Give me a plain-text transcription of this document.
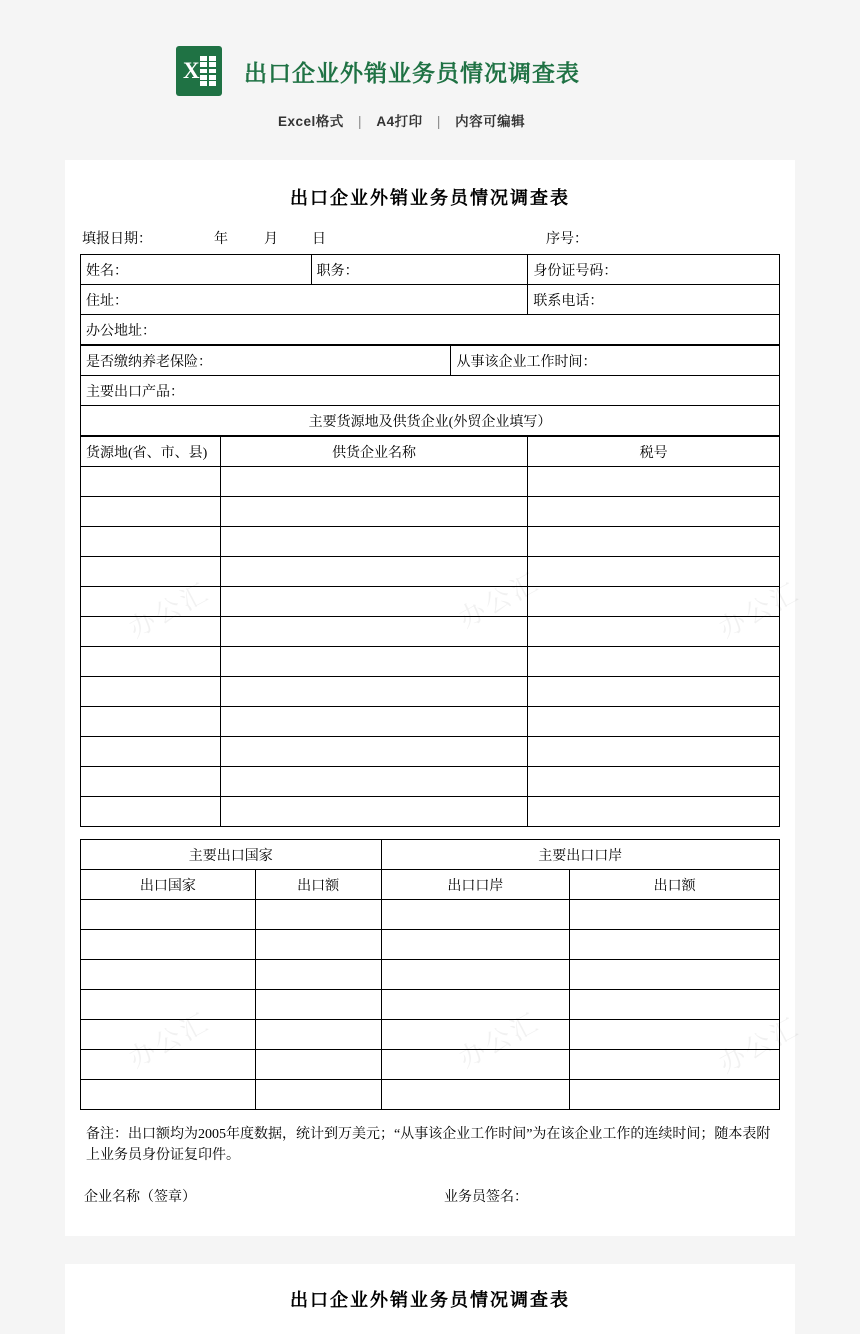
X 出口企业外销业务员情况调查表
Excel格式 | A4打印 | 内容可编辑
办公汇	办公汇	办公汇
办公汇	办公汇	办公汇
出口企业外销业务员情况调查表
填报日期：	年	月	日	序号：
姓名：	职务：	身份证号码：
住址：		联系电话：
办公地址：		
是否缴纳养老保险：	从事该企业工作时间：
主要出口产品：
主要货源地及供货企业(外贸企业填写）
货源地(省、市、县)	供货企业名称	税号

主要出口国家		主要出口口岸	
出口国家	出口额	出口口岸	出口额

备注：出口额均为2005年度数据，统计到万美元；“从事该企业工作时间”为在该企业工作的连续时间；随本表附上业务员身份证复印件。
企业名称（签章）	业务员签名：
出口企业外销业务员情况调查表
